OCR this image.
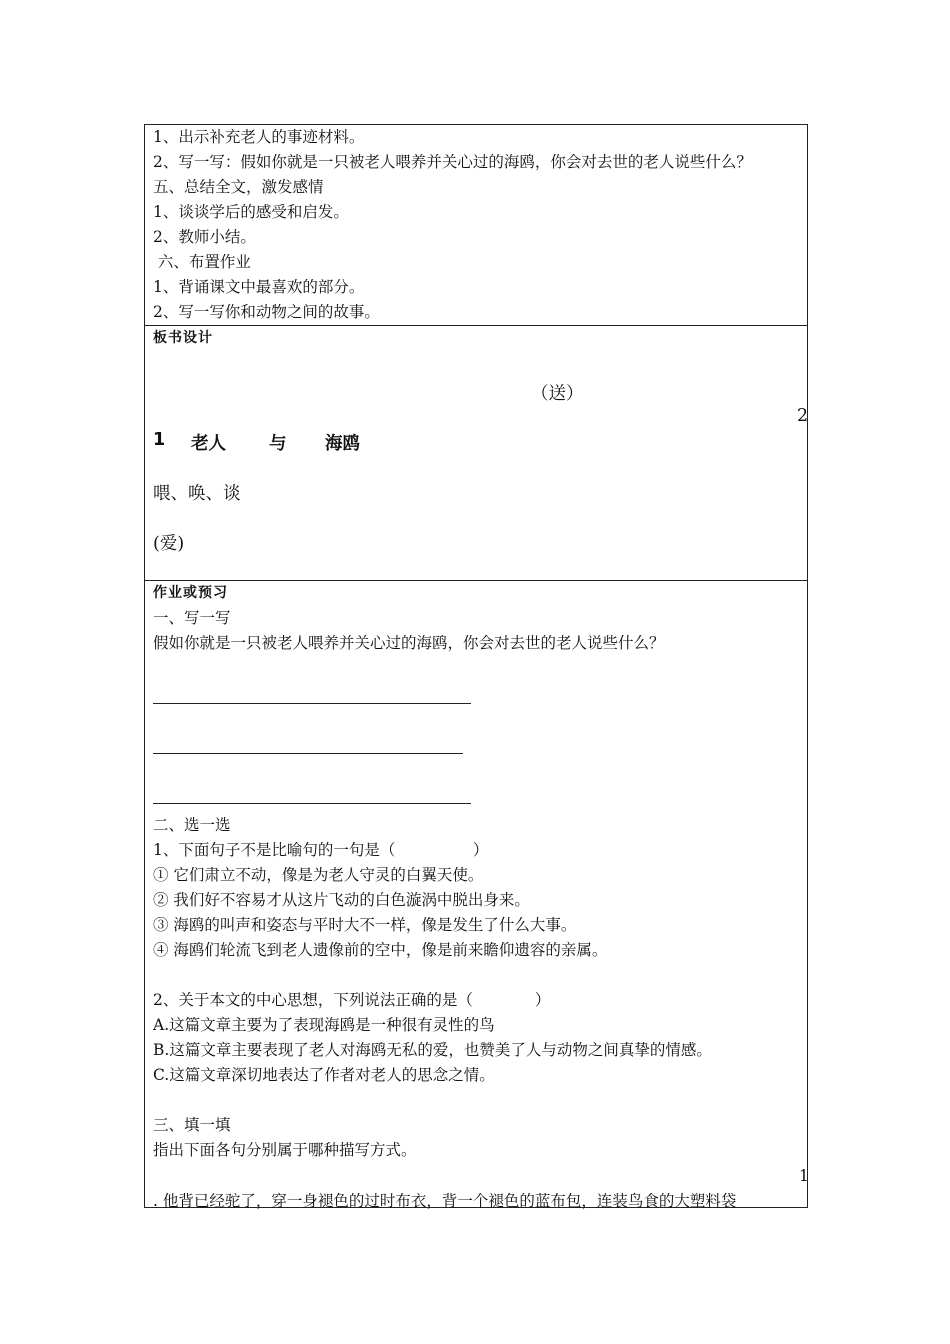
1、出示补充老人的事迹材料。
2、写一写：假如你就是一只被老人喂养并关心过的海鸥，你会对去世的老人说些什么？
五、总结全文，激发感情
1、谈谈学后的感受和启发。
2、教师小结。
六、布置作业
1、背诵课文中最喜欢的部分。
2、写一写你和动物之间的故事。

板书设计
（送）
2
1 老人 与 海鸥
喂、唤、谈
(爱)

作业或预习
一、写一写
假如你就是一只被老人喂养并关心过的海鸥，你会对去世的老人说些什么？
二、选一选
1、下面句子不是比喻句的一句是（　　　　　）
① 它们肃立不动，像是为老人守灵的白翼天使。
② 我们好不容易才从这片飞动的白色漩涡中脱出身来。
③ 海鸥的叫声和姿态与平时大不一样，像是发生了什么大事。
④ 海鸥们轮流飞到老人遗像前的空中，像是前来瞻仰遗容的亲属。
2、关于本文的中心思想，下列说法正确的是（　　　　）
A.这篇文章主要为了表现海鸥是一种很有灵性的鸟
B.这篇文章主要表现了老人对海鸥无私的爱，也赞美了人与动物之间真挚的情感。
C.这篇文章深切地表达了作者对老人的思念之情。
三、填一填
指出下面各句分别属于哪种描写方式。
1
. 他背已经驼了，穿一身褪色的过时布衣，背一个褪色的蓝布包，连装鸟食的大塑料袋
